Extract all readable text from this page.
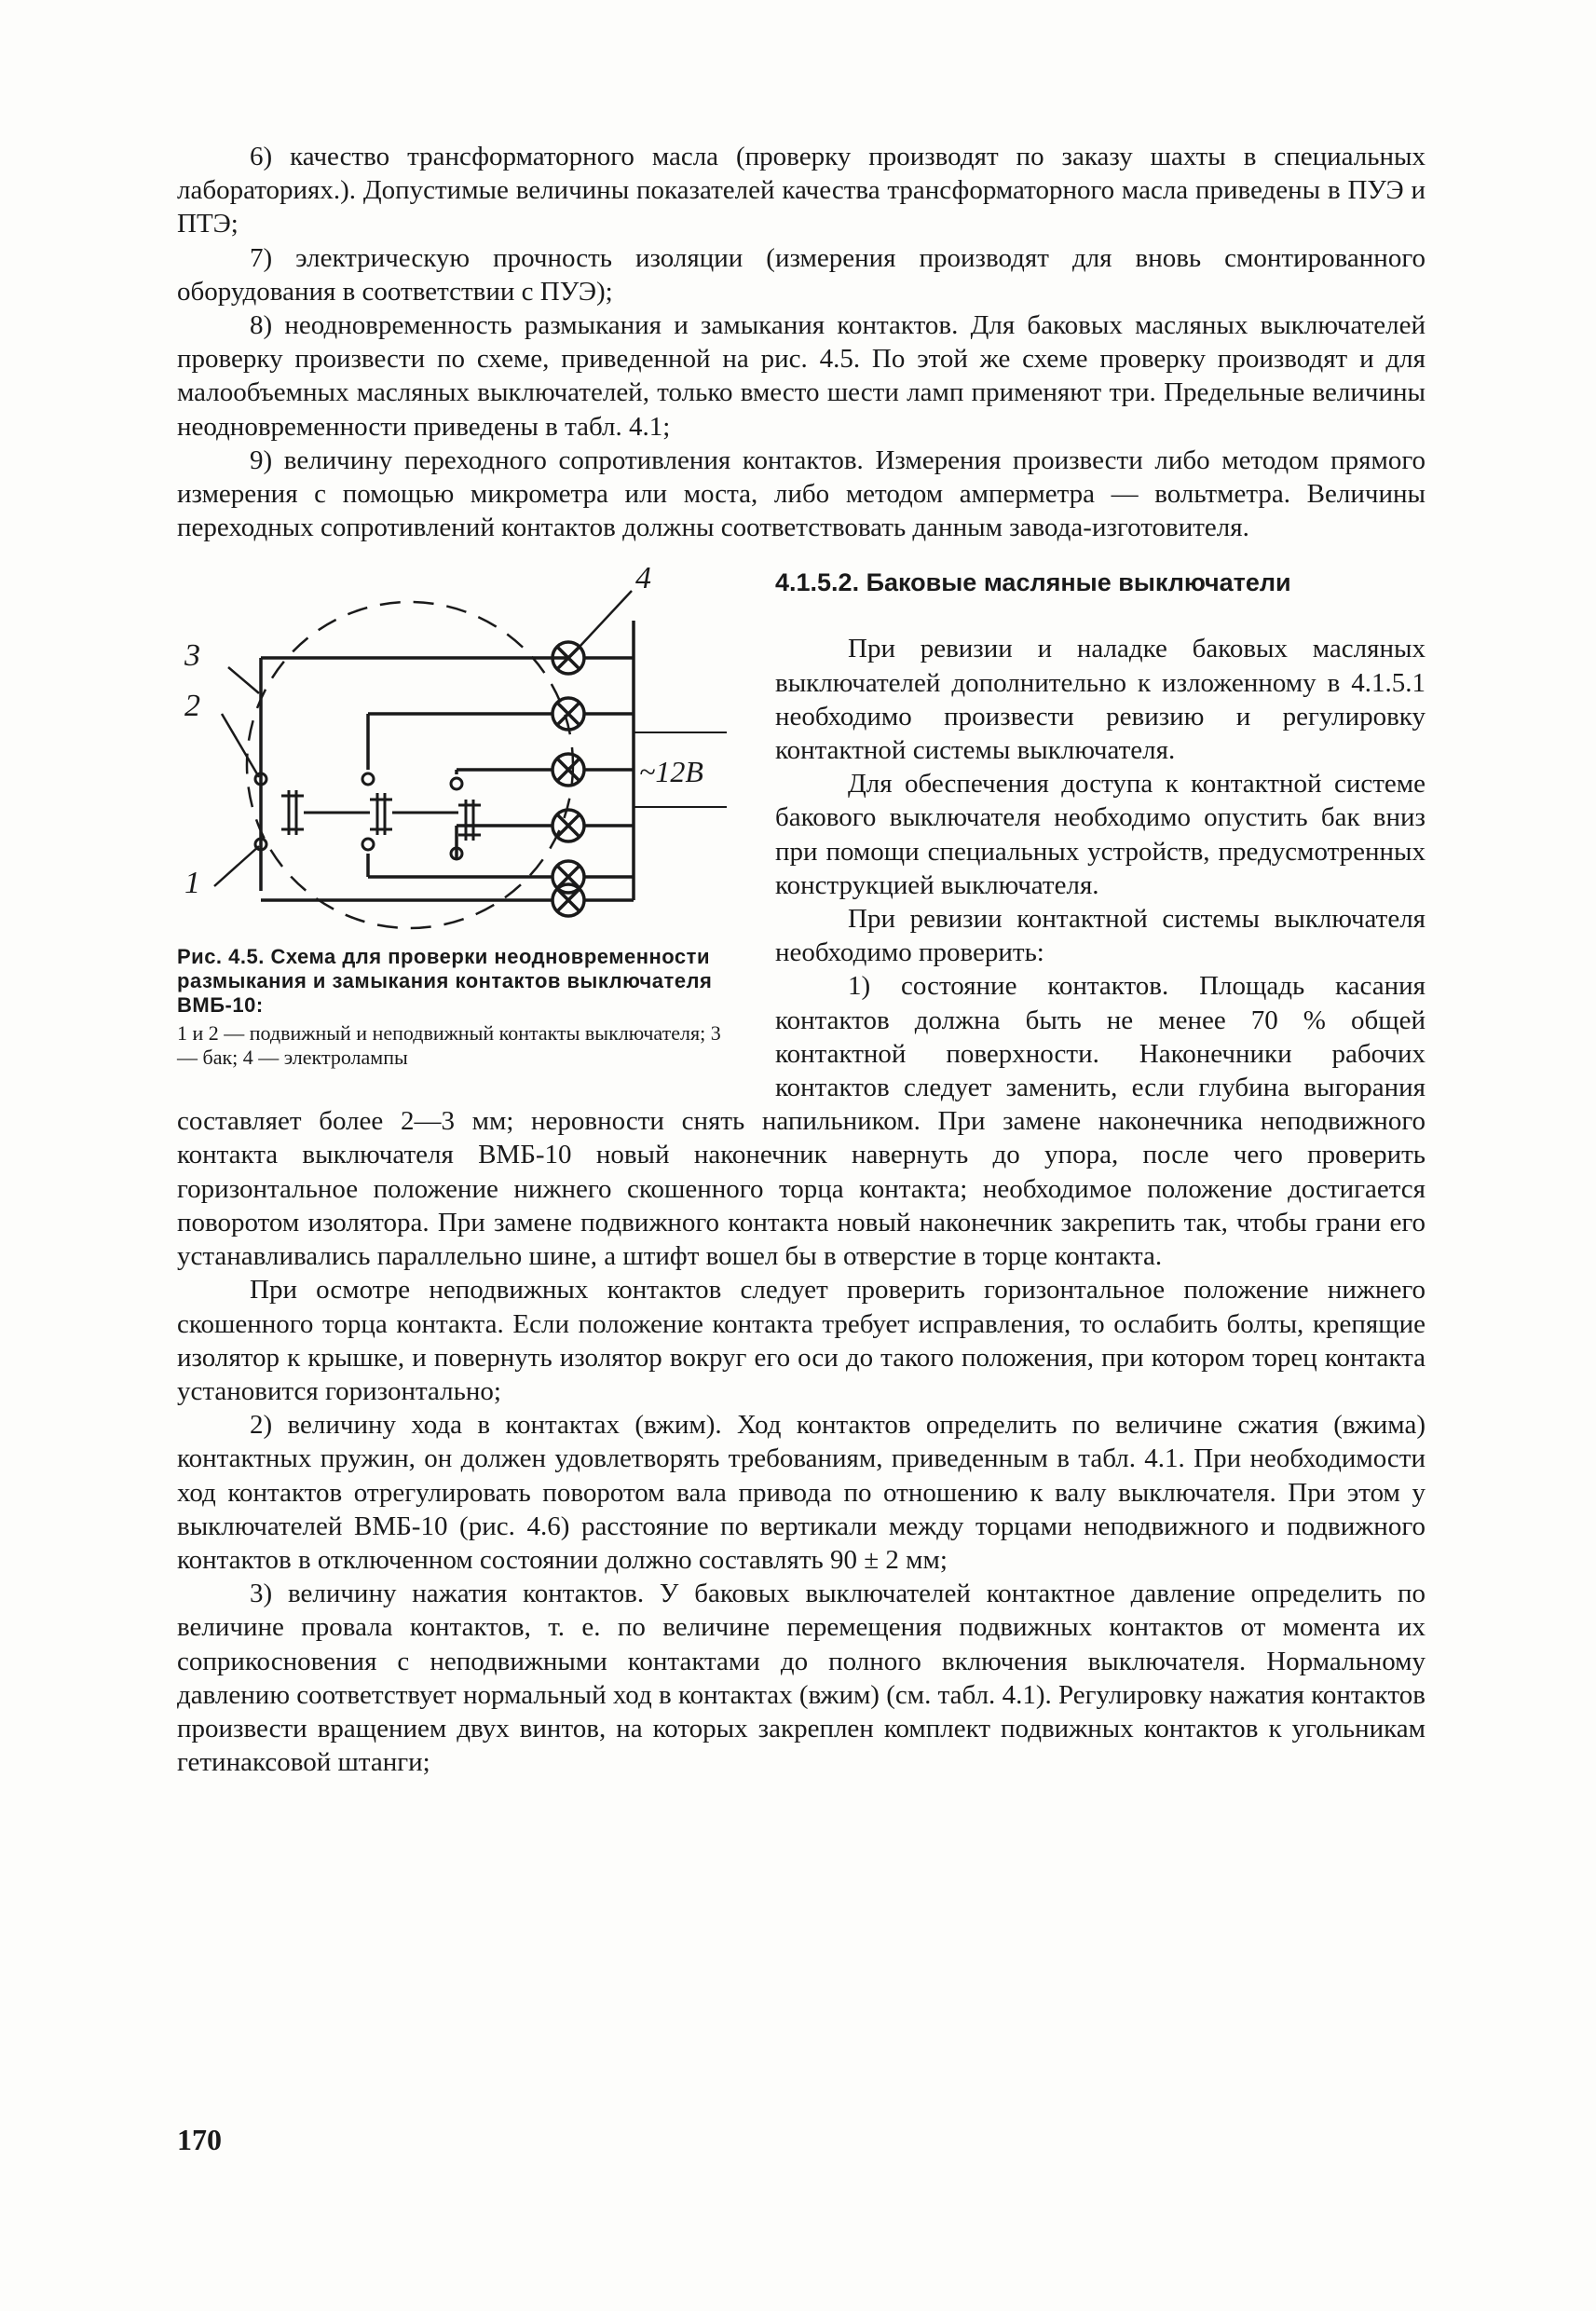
6) качество трансформаторного масла (проверку производят по заказу шахты в специальных лабораториях.). Допустимые величины показателей качества трансформаторного масла приведены в ПУЭ и ПТЭ;

7) электрическую прочность изоляции (измерения производят для вновь смонтированного оборудования в соответствии с ПУЭ);

8) неодновременность размыкания и замыкания контактов. Для баковых масляных выключателей проверку произвести по схеме, приведенной на рис. 4.5. По этой же схеме проверку производят и для малообъемных масляных выключателей, только вместо шести ламп применяют три. Предельные величины неодновременности приведены в табл. 4.1;

9) величину переходного сопротивления контактов. Измерения произвести либо методом прямого измерения с помощью микрометра или моста, либо методом амперметра — вольтметра. Величины переходных сопротивлений контактов должны соответствовать данным завода-изготовителя.

4
3
2
1
~12В
Рис. 4.5. Схема для проверки неодновременности размыкания и замыкания контактов выключателя ВМБ-10:
1 и 2 — подвижный и неподвижный контакты выключателя; 3 — бак; 4 — электролампы
4.1.5.2. Баковые масляные выключатели

При ревизии и наладке баковых масляных выключателей дополнительно к изложенному в 4.1.5.1 необходимо произвести ревизию и регулировку контактной системы выключателя.

Для обеспечения доступа к контактной системе бакового выключателя необходимо опустить бак вниз при помощи специальных устройств, предусмотренных конструкцией выключателя.

При ревизии контактной системы выключателя необходимо проверить:

1) состояние контактов. Площадь касания контактов должна быть не менее 70 % общей контактной поверхности. Наконечники рабочих контактов следует заменить, если глубина выгорания составляет более 2—3 мм; неровности снять напильником. При замене наконечника неподвижного контакта выключателя ВМБ-10 новый наконечник навернуть до упора, после чего проверить горизонтальное положение нижнего скошенного торца контакта; необходимое положение достигается поворотом изолятора. При замене подвижного контакта новый наконечник закрепить так, чтобы грани его устанавливались параллельно шине, а штифт вошел бы в отверстие в торце контакта.

При осмотре неподвижных контактов следует проверить горизонтальное положение нижнего скошенного торца контакта. Если положение контакта требует исправления, то ослабить болты, крепящие изолятор к крышке, и повернуть изолятор вокруг его оси до такого положения, при котором торец контакта установится горизонтально;

2) величину хода в контактах (вжим). Ход контактов определить по величине сжатия (вжима) контактных пружин, он должен удовлетворять требованиям, приведенным в табл. 4.1. При необходимости ход контактов отрегулировать поворотом вала привода по отношению к валу выключателя. При этом у выключателей ВМБ-10 (рис. 4.6) расстояние по вертикали между торцами неподвижного и подвижного контактов в отключенном состоянии должно составлять 90 ± 2 мм;

3) величину нажатия контактов. У баковых выключателей контактное давление определить по величине провала контактов, т. е. по величине перемещения подвижных контактов от момента их соприкосновения с неподвижными контактами до полного включения выключателя. Нормальному давлению соответствует нормальный ход в контактах (вжим) (см. табл. 4.1). Регулировку нажатия контактов произвести вращением двух винтов, на которых закреплен комплект подвижных контактов к угольникам гетинаксовой штанги;

170
